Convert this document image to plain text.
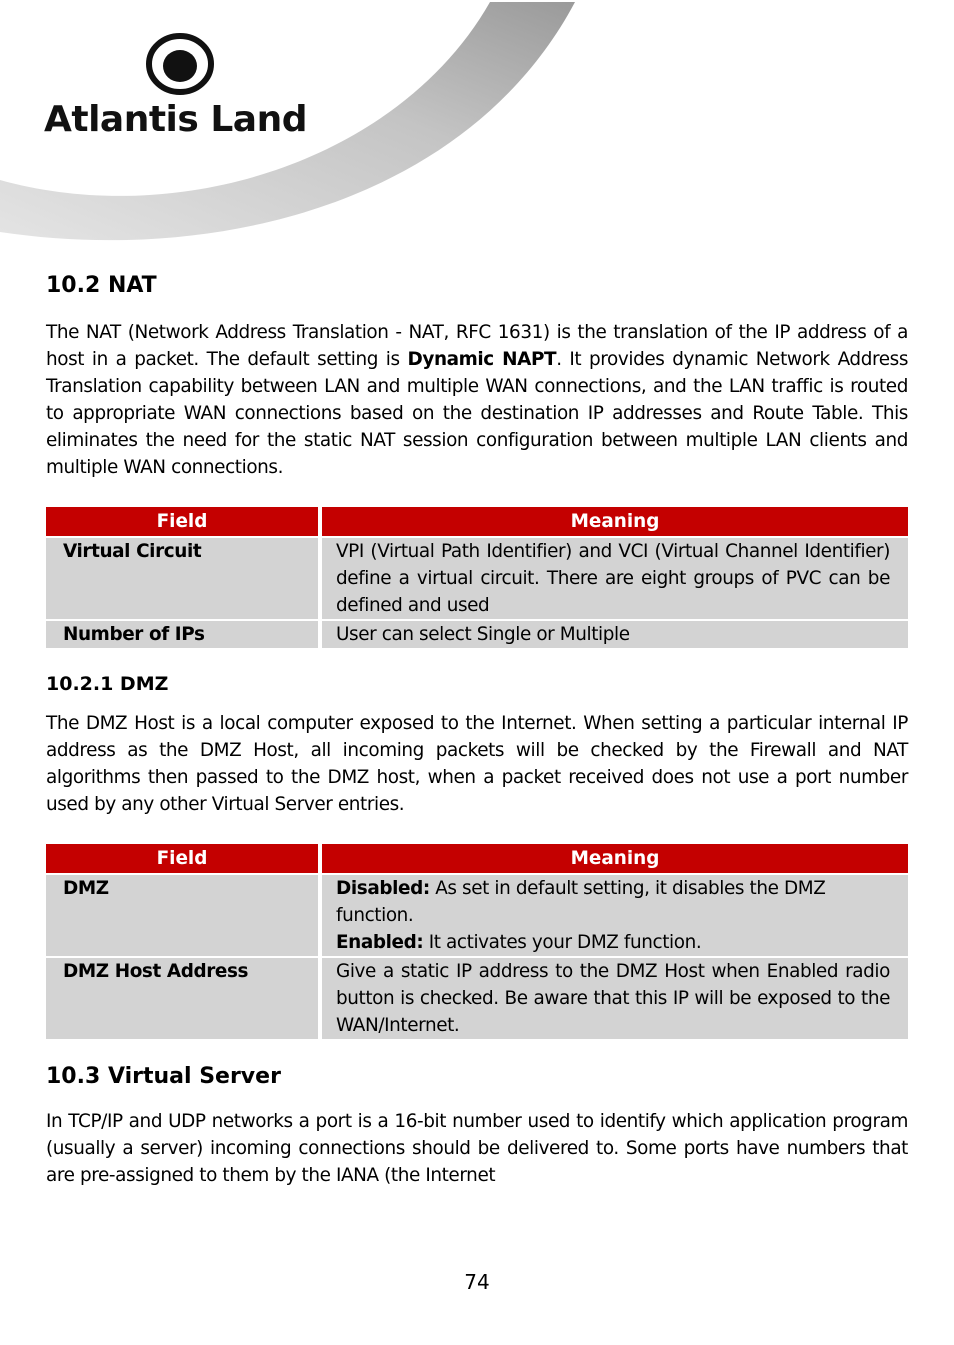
Atlantis Land
10.2 NAT

The NAT (Network Address Translation - NAT, RFC 1631) is the translation of the IP address of a host in a packet. The default setting is Dynamic NAPT. It provides dynamic Network Address Translation capability between LAN and multiple WAN connections, and the LAN traffic is routed to appropriate WAN connections based on the destination IP addresses and Route Table. This eliminates the need for the static NAT session configuration between multiple LAN clients and multiple WAN connections.

Field	Meaning
Virtual Circuit	VPI (Virtual Path Identifier) and VCI (Virtual Channel Identifier) define a virtual circuit. There are eight groups of PVC can be defined and used
Number of IPs	User can select Single or Multiple
10.2.1 DMZ

The DMZ Host is a local computer exposed to the Internet. When setting a particular internal IP address as the DMZ Host, all incoming packets will be checked by the Firewall and NAT algorithms then passed to the DMZ host, when a packet received does not use a port number used by any other Virtual Server entries.

Field	Meaning
DMZ	Disabled: As set in default setting, it disables the DMZ function.
Enabled: It activates your DMZ function.
DMZ Host Address	Give a static IP address to the DMZ Host when Enabled radio button is checked. Be aware that this IP will be exposed to the WAN/Internet.
10.3 Virtual Server

In TCP/IP and UDP networks a port is a 16-bit number used to identify which application program (usually a server) incoming connections should be delivered to. Some ports have numbers that are pre-assigned to them by the IANA (the Internet

74
